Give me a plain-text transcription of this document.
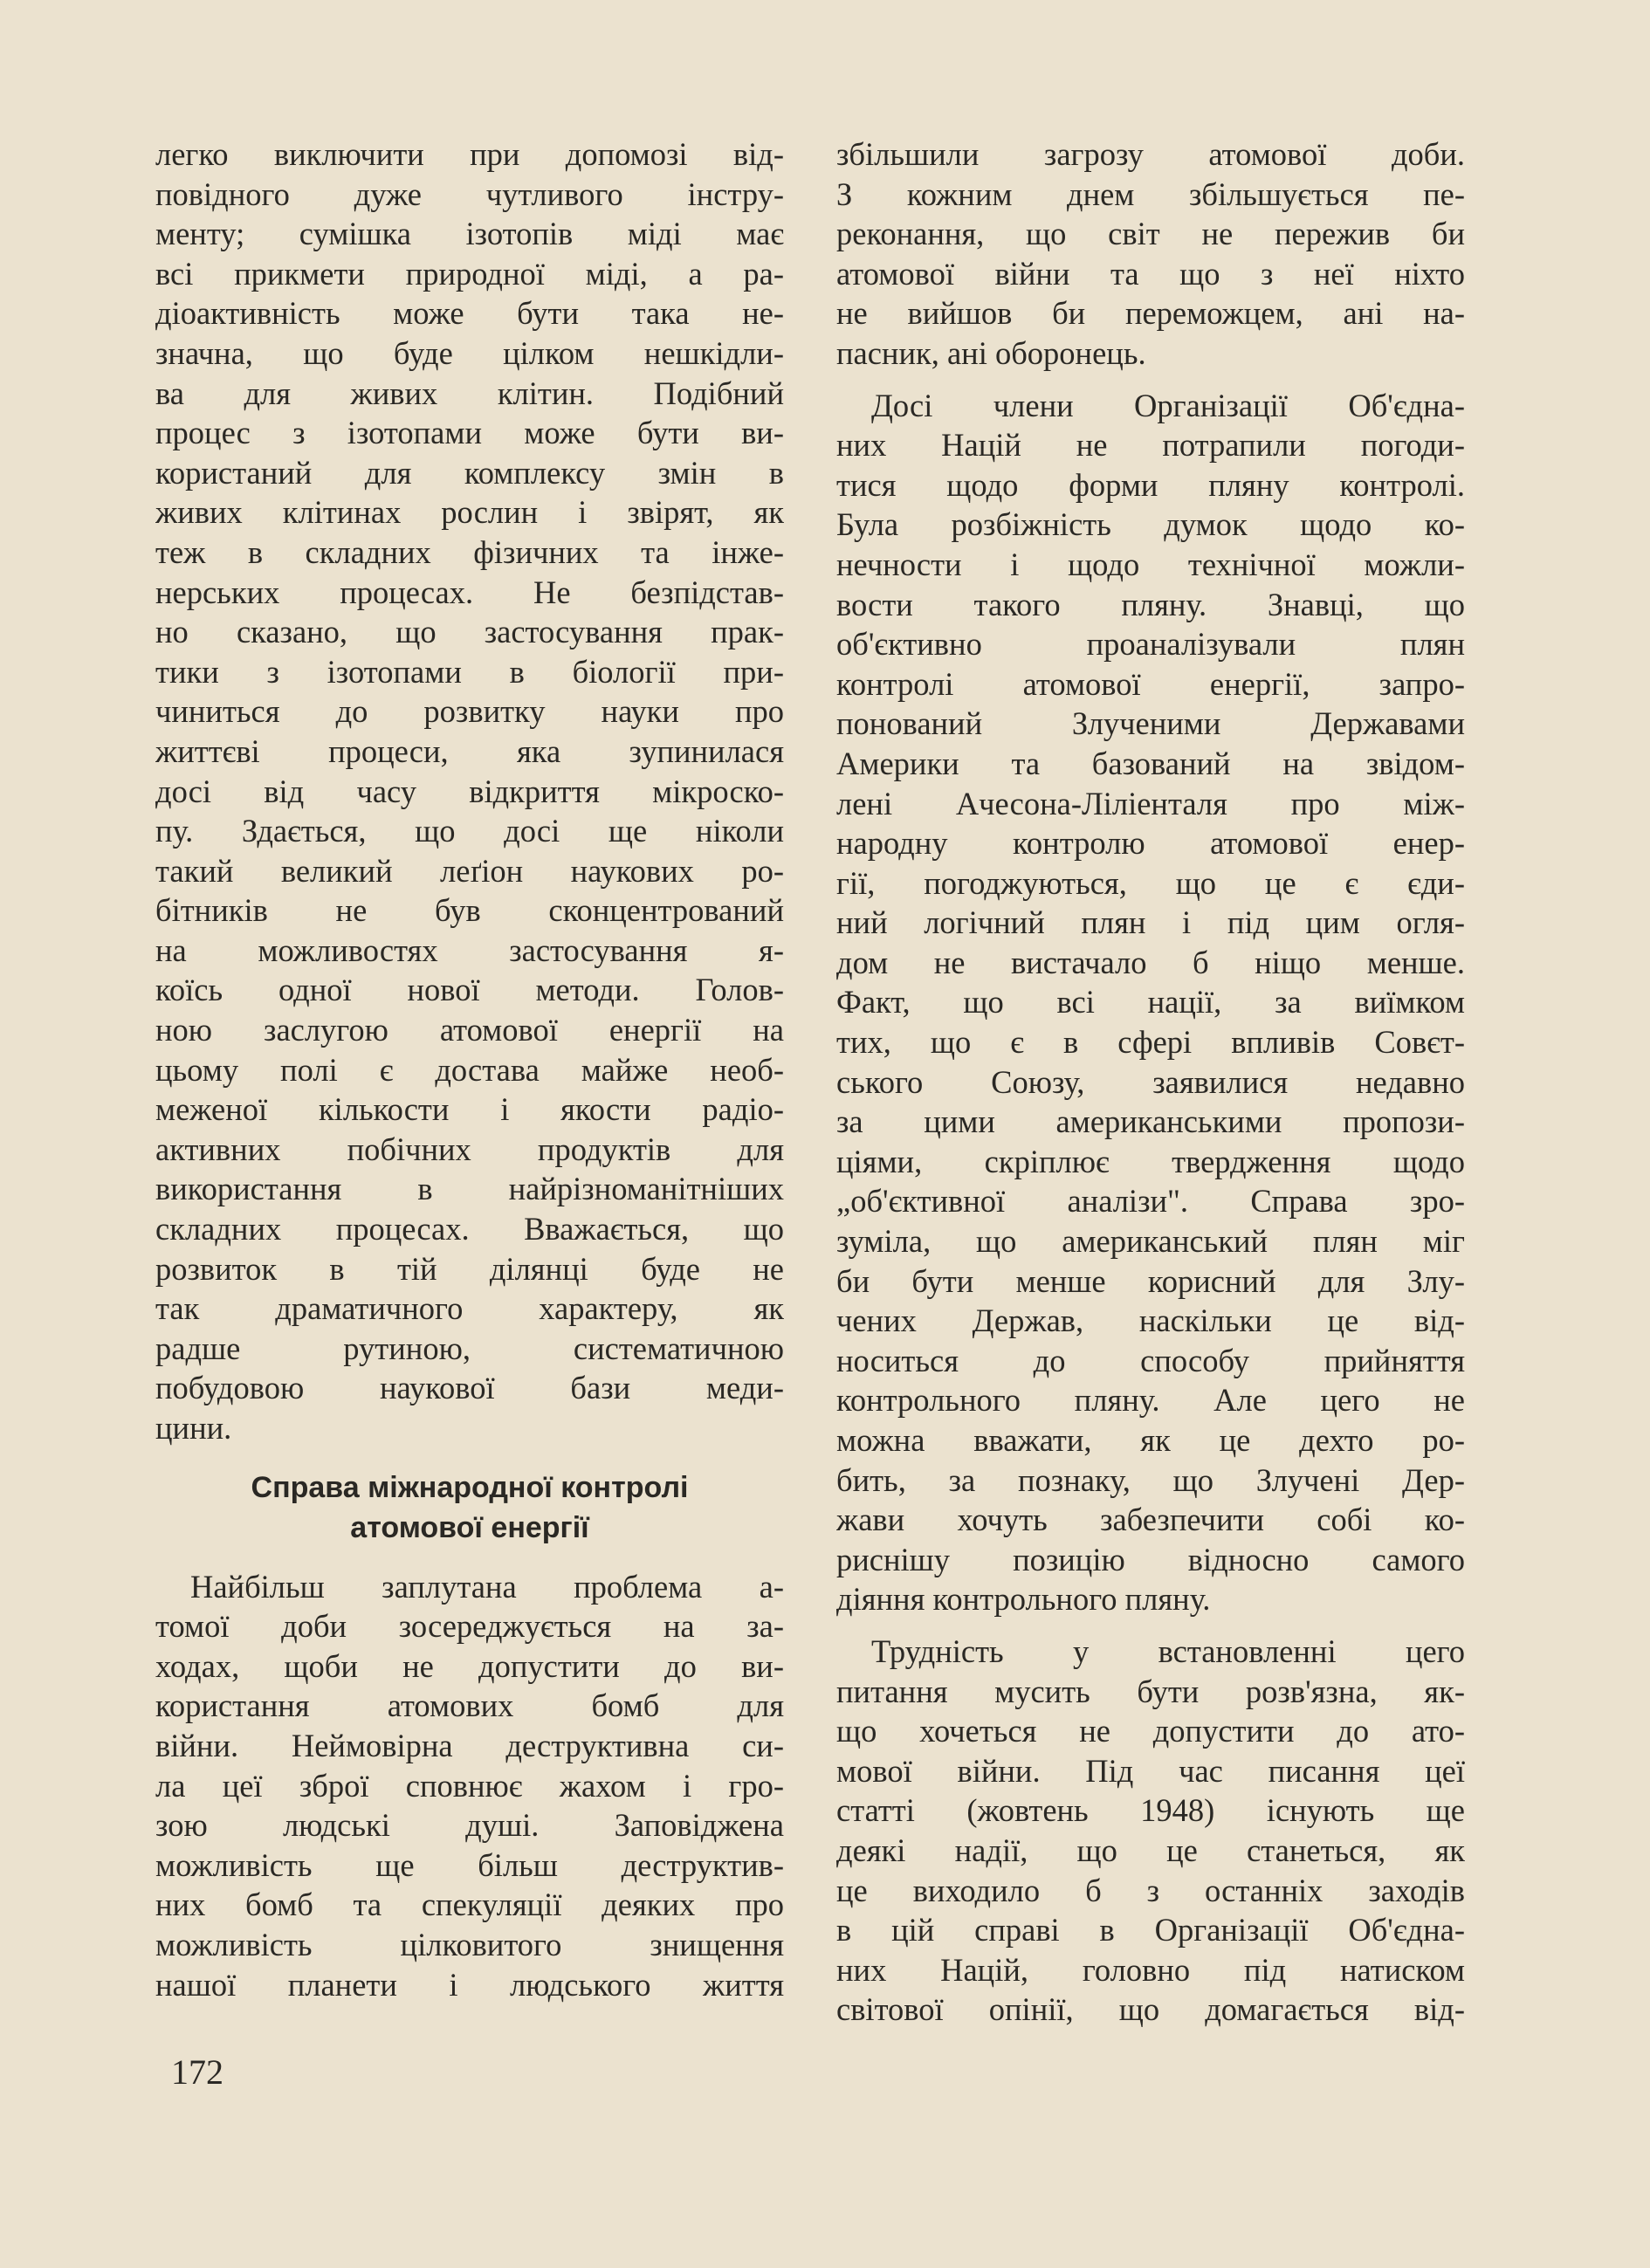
легко виключити при допомозі від-
повідного дуже чутливого інстру-
менту; сумішка ізотопів міді має
всі прикмети природної міді, а ра-
діоактивність може бути така не-
значна, що буде цілком нешкідли-
ва для живих клітин. Подібний
процес з ізотопами може бути ви-
користаний для комплексу змін в
живих клітинах рослин і звірят, як
теж в складних фізичних та інже-
нерських процесах. Не безпідстав-
но сказано, що застосування прак-
тики з ізотопами в біології при-
чиниться до розвитку науки про
життєві процеси, яка зупинилася
досі від часу відкриття мікроско-
пу. Здається, що досі ще ніколи
такий великий леґіон наукових ро-
бітників не був сконцентрований
на можливостях застосування я-
коїсь одної нової методи. Голов-
ною заслугою атомової енергії на
цьому полі є достава майже необ-
меженої кількости і якости радіо-
активних побічних продуктів для
використання в найрізноманітніших
складних процесах. Вважається, що
розвиток в тій ділянці буде не
так драматичного характеру, як
радше рутиною, систематичною
побудовою наукової бази меди-
цини.
Справа міжнародної контролі
атомової енергії
Найбільш заплутана проблема а-
томої доби зосереджується на за-
ходах, щоби не допустити до ви-
користання атомових бомб для
війни. Неймовірна деструктивна си-
ла цеї зброї сповнює жахом і гро-
зою людські душі. Заповіджена
можливість ще більш деструктив-
них бомб та спекуляції деяких про
можливість цілковитого знищення
нашої планети і людського життя
збільшили загрозу атомової доби.
З кожним днем збільшується пе-
реконання, що світ не пережив би
атомової війни та що з неї ніхто
не вийшов би переможцем, ані на-
пасник, ані оборонець.
Досі члени Організації Об'єдна-
них Націй не потрапили погоди-
тися щодо форми пляну контролі.
Була розбіжність думок щодо ко-
нечности і щодо технічної можли-
вости такого пляну. Знавці, що
об'єктивно проаналізували плян
контролі атомової енергії, запро-
понований Злученими Державами
Америки та базований на звідом-
лені Ачесона-Ліліенталя про між-
народну контролю атомової енер-
гії, погоджуються, що це є єди-
ний логічний плян і під цим огля-
дом не вистачало б ніщо менше.
Факт, що всі нації, за виїмком
тих, що є в сфері впливів Совєт-
ського Союзу, заявилися недавно
за цими американськими пропози-
ціями, скріплює твердження щодо
„об'єктивної аналізи". Справа зро-
зуміла, що американський плян міг
би бути менше корисний для Злу-
чених Держав, наскільки це від-
носиться до способу прийняття
контрольного пляну. Але цего не
можна вважати, як це дехто ро-
бить, за познаку, що Злучені Дер-
жави хочуть забезпечити собі ко-
риснішу позицію відносно самого
діяння контрольного пляну.
Трудність у встановленні цего
питання мусить бути розв'язна, як-
що хочеться не допустити до ато-
мової війни. Під час писання цеї
статті (жовтень 1948) існують ще
деякі надії, що це станеться, як
це виходило б з останніх заходів
в цій справі в Організації Об'єдна-
них Націй, головно під натиском
світової опінії, що домагається від-
172
